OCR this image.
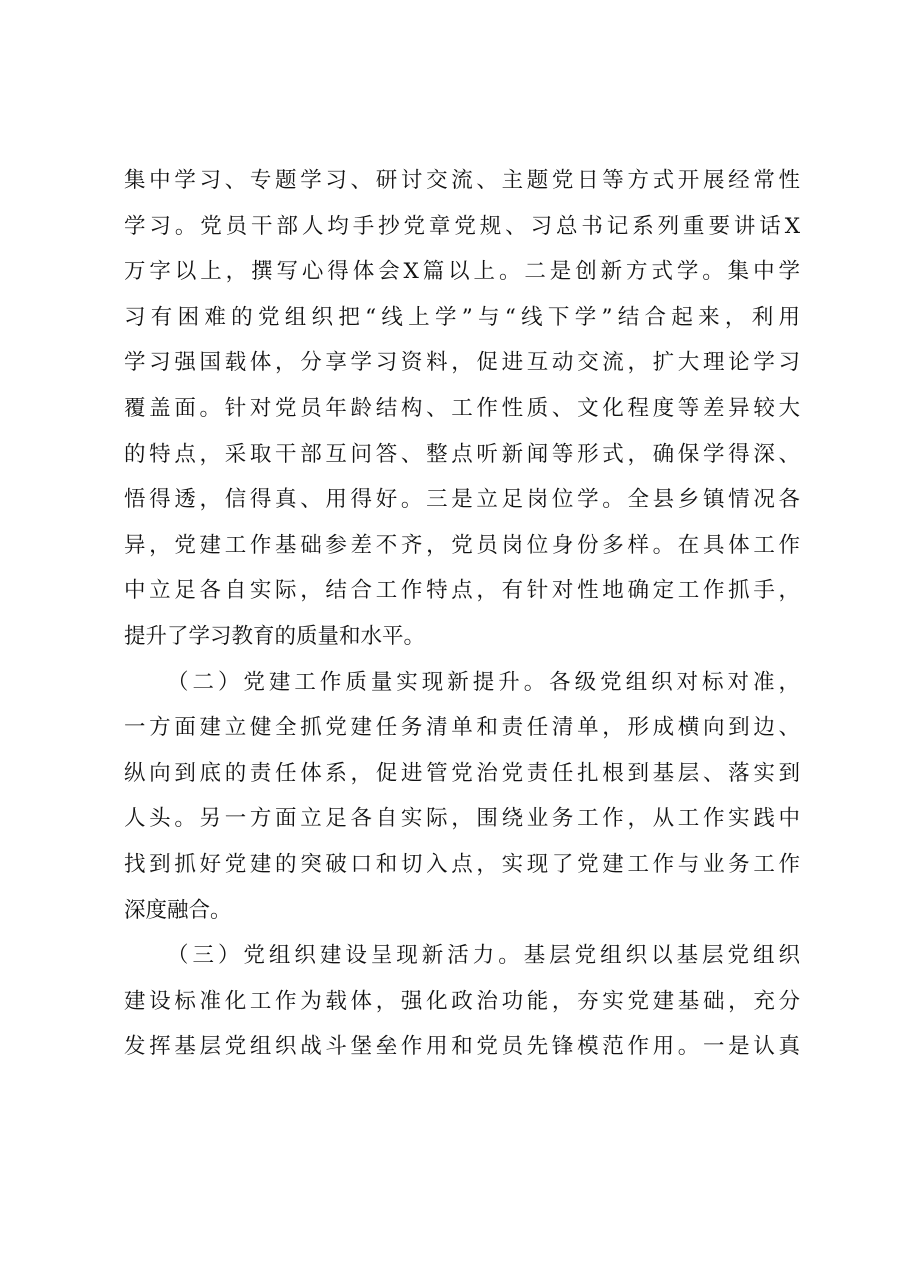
集中学习、专题学习、研讨交流、主题党日等方式开展经常性
学习。党员干部人均手抄党章党规、习总书记系列重要讲话X
万字以上，撰写心得体会X篇以上。二是创新方式学。集中学
习有困难的党组织把“线上学”与“线下学”结合起来，利用
学习强国载体，分享学习资料，促进互动交流，扩大理论学习
覆盖面。针对党员年龄结构、工作性质、文化程度等差异较大
的特点，采取干部互问答、整点听新闻等形式，确保学得深、
悟得透，信得真、用得好。三是立足岗位学。全县乡镇情况各
异，党建工作基础参差不齐，党员岗位身份多样。在具体工作
中立足各自实际，结合工作特点，有针对性地确定工作抓手，
提升了学习教育的质量和水平。
（二）党建工作质量实现新提升。各级党组织对标对准，
一方面建立健全抓党建任务清单和责任清单，形成横向到边、
纵向到底的责任体系，促进管党治党责任扎根到基层、落实到
人头。另一方面立足各自实际，围绕业务工作，从工作实践中
找到抓好党建的突破口和切入点，实现了党建工作与业务工作
深度融合。
（三）党组织建设呈现新活力。基层党组织以基层党组织
建设标准化工作为载体，强化政治功能，夯实党建基础，充分
发挥基层党组织战斗堡垒作用和党员先锋模范作用。一是认真
